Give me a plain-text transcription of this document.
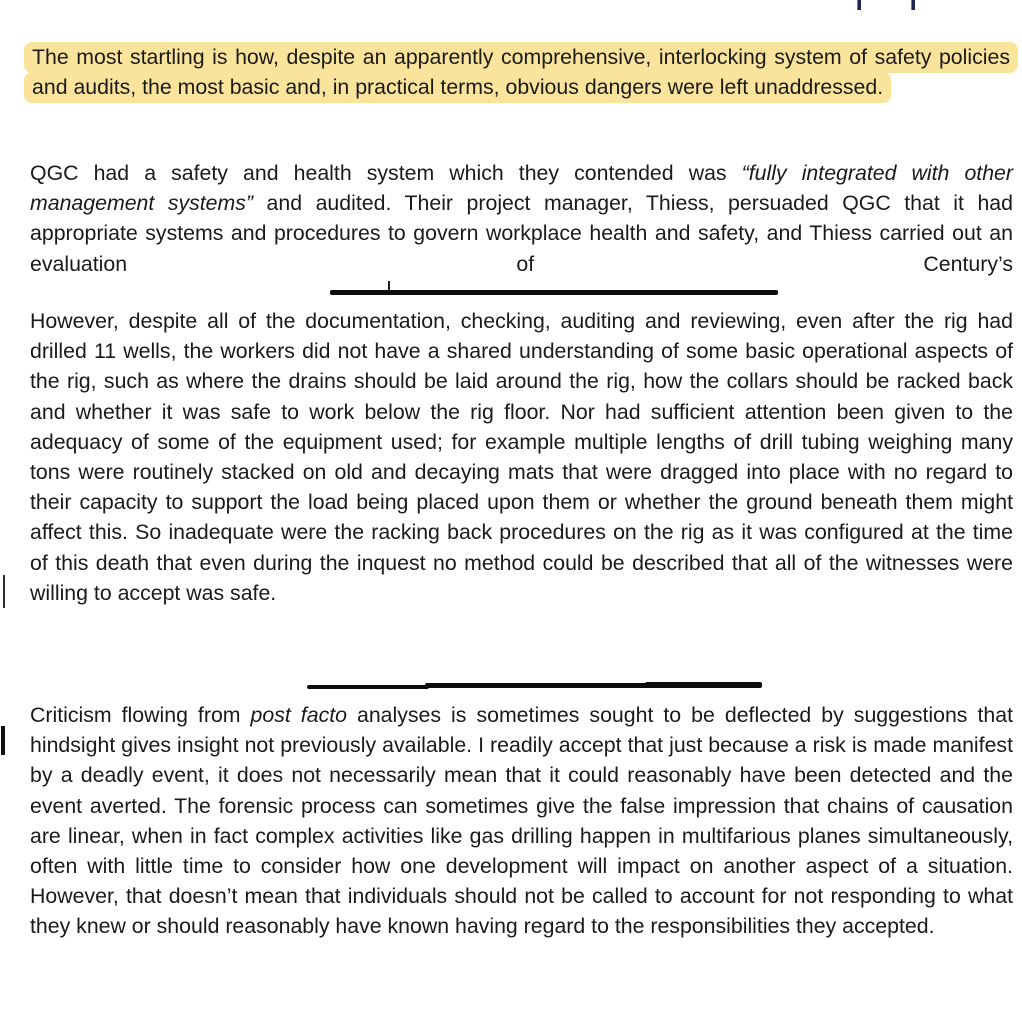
The most startling is how, despite an apparently comprehensive, interlocking system of safety policies and audits, the most basic and, in practical terms, obvious dangers were left unaddressed.

QGC had a safety and health system which they contended was “fully integrated with other management systems” and audited. Their project manager, Thiess, persuaded QGC that it had appropriate systems and procedures to govern workplace health and safety, and Thiess carried out an evaluation of Century’s

However, despite all of the documentation, checking, auditing and reviewing, even after the rig had drilled 11 wells, the workers did not have a shared understanding of some basic operational aspects of the rig, such as where the drains should be laid around the rig, how the collars should be racked back and whether it was safe to work below the rig floor. Nor had sufficient attention been given to the adequacy of some of the equipment used; for example multiple lengths of drill tubing weighing many tons were routinely stacked on old and decaying mats that were dragged into place with no regard to their capacity to support the load being placed upon them or whether the ground beneath them might affect this. So inadequate were the racking back procedures on the rig as it was configured at the time of this death that even during the inquest no method could be described that all of the witnesses were willing to accept was safe.

Criticism flowing from post facto analyses is sometimes sought to be deflected by suggestions that hindsight gives insight not previously available. I readily accept that just because a risk is made manifest by a deadly event, it does not necessarily mean that it could reasonably have been detected and the event averted. The forensic process can sometimes give the false impression that chains of causation are linear, when in fact complex activities like gas drilling happen in multifarious planes simultaneously, often with little time to consider how one development will impact on another aspect of a situation. However, that doesn’t mean that individuals should not be called to account for not responding to what they knew or should reasonably have known having regard to the responsibilities they accepted.
